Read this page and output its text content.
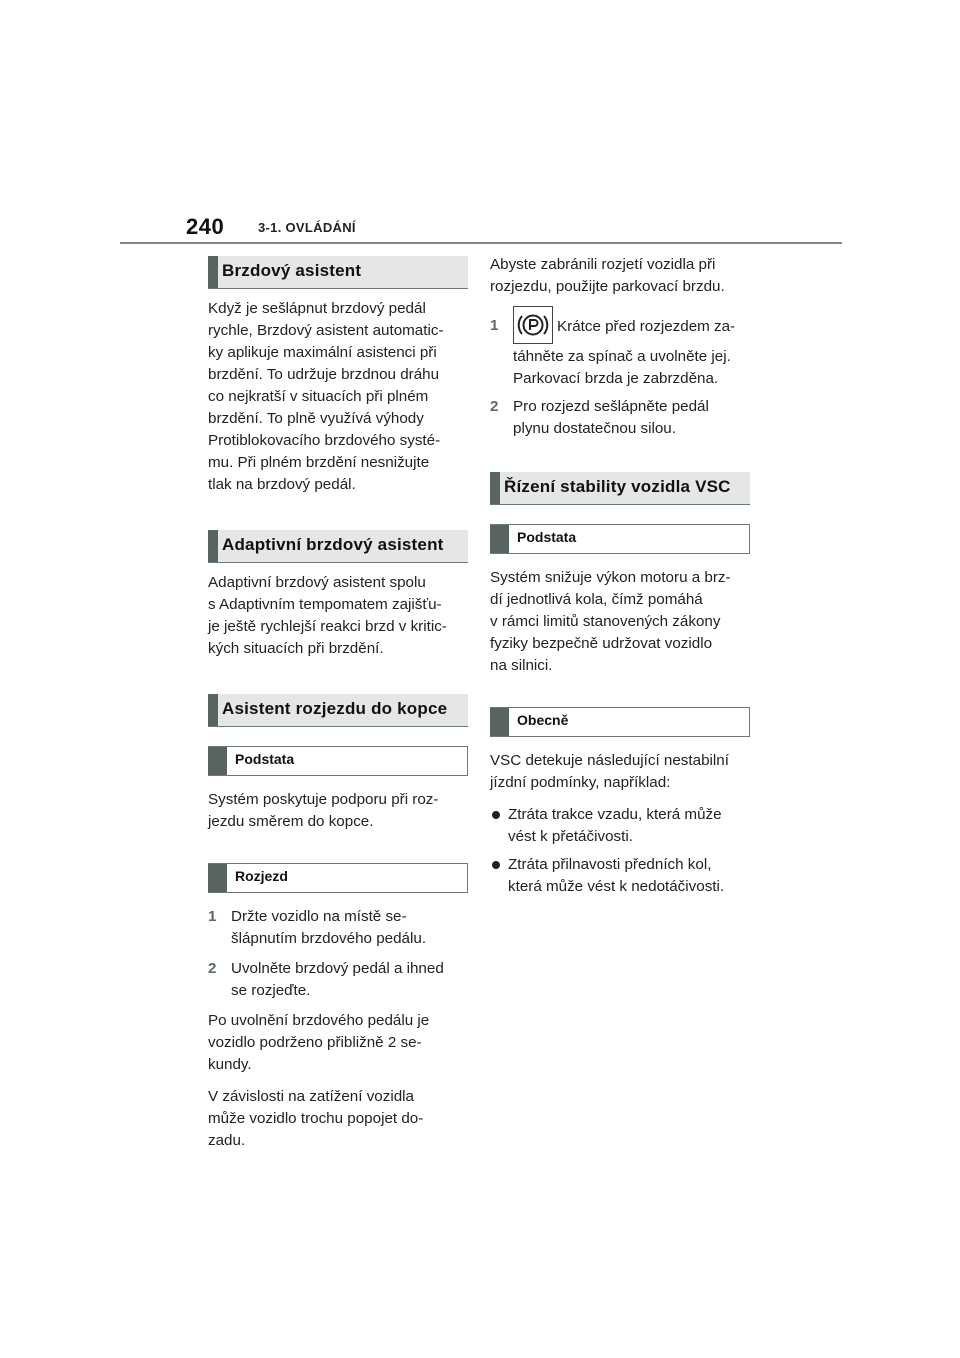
240	3-1. OVLÁDÁNÍ
Brzdový asistent

Když je sešlápnut brzdový pedál
rychle, Brzdový asistent automatic-
ky aplikuje maximální asistenci při
brzdění. To udržuje brzdnou dráhu
co nejkratší v situacích při plném
brzdění. To plně využívá výhody
Protiblokovacího brzdového systé-
mu. Při plném brzdění nesnižujte
tlak na brzdový pedál.

Adaptivní brzdový asistent

Adaptivní brzdový asistent spolu
s Adaptivním tempomatem zajišťu-
je ještě rychlejší reakci brzd v kritic-
kých situacích při brzdění.

Asistent rozjezdu do kopce
Podstata

Systém poskytuje podporu při roz-
jezdu směrem do kopce.

Rozjezd
1 Držte vozidlo na místě se-
šlápnutím brzdového pedálu.
2 Uvolněte brzdový pedál a ihned
se rozjeďte.

Po uvolnění brzdového pedálu je
vozidlo podrženo přibližně 2 se-
kundy.

V závislosti na zatížení vozidla
může vozidlo trochu popojet do-
zadu.

Abyste zabránili rozjetí vozidla při
rozjezdu, použijte parkovací brzdu.

1	Krátce před rozjezdem za-
táhněte za spínač a uvolněte jej.
Parkovací brzda je zabrzděna.
2 Pro rozjezd sešlápněte pedál
plynu dostatečnou silou.
Řízení stability vozidla VSC
Podstata

Systém snižuje výkon motoru a brz-
dí jednotlivá kola, čímž pomáhá
v rámci limitů stanovených zákony
fyziky bezpečně udržovat vozidlo
na silnici.

Obecně

VSC detekuje následující nestabilní
jízdní podmínky, například:

Ztráta trakce vzadu, která může
vést k přetáčivosti.
Ztráta přilnavosti předních kol,
která může vést k nedotáčivosti.
